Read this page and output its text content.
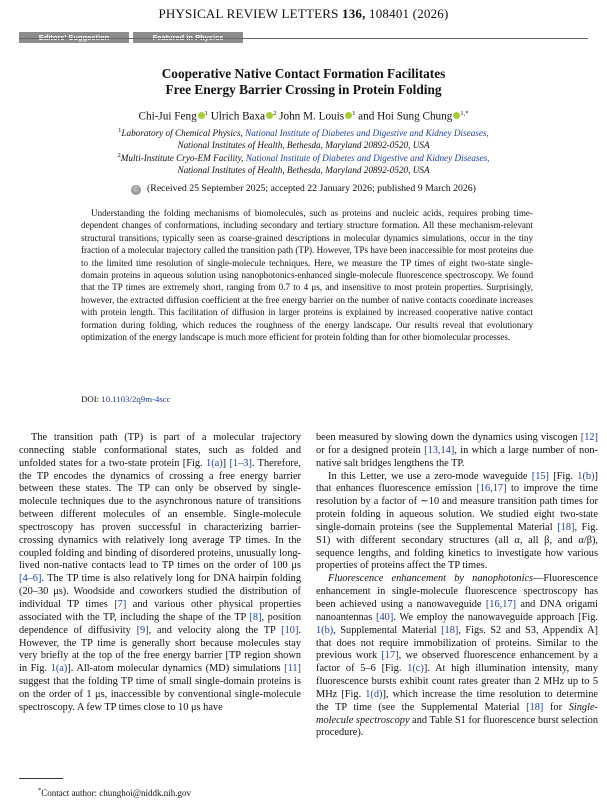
PHYSICAL REVIEW LETTERS 136, 108401 (2026)
Cooperative Native Contact Formation Facilitates
Free Energy Barrier Crossing in Protein Folding
Chi-Jui Feng $^1$ Ulrich Baxa $^2$ John M. Louis $^1$ and Hoi Sung Chung $^{1,*}$
$^1$Laboratory of Chemical Physics, National Institute of Diabetes and Digestive and Kidney Diseases,
National Institutes of Health, Bethesda, Maryland 20892-0520, USA
$^2$Multi-Institute Cryo-EM Facility, National Institute of Diabetes and Digestive and Kidney Diseases,
National Institutes of Health, Bethesda, Maryland 20892-0520, USA
© (Received 25 September 2025; accepted 22 January 2026; published 9 March 2026)
Understanding the folding mechanisms of biomolecules, such as proteins and nucleic acids, requires probing time-dependent changes of conformations, including secondary and tertiary structure formation. All these mechanism-relevant structural transitions, typically seen as coarse-grained descriptions in molecular dynamics simulations, occur in the tiny fraction of a molecular trajectory called the transition path (TP). However, TPs have been inaccessible for most proteins due to the limited time resolution of single-molecule techniques. Here, we measure the TP times of eight two-state single-domain proteins in aqueous solution using nanophotonics-enhanced single-molecule fluorescence spectroscopy. We found that the TP times are extremely short, ranging from 0.7 to 4 μs, and insensitive to most protein properties. Surprisingly, however, the extracted diffusion coefficient at the free energy barrier on the number of native contacts coordinate increases with protein length. This facilitation of diffusion in larger proteins is explained by increased cooperative native contact formation during folding, which reduces the roughness of the energy landscape. Our results reveal that evolutionary optimization of the energy landscape is much more efficient for protein folding than for other biomolecular processes.
DOI: 10.1103/2q9m-4scc

The transition path (TP) is part of a molecular trajectory connecting stable conformational states, such as folded and unfolded states for a two-state protein [Fig. 1(a)] [1–3]. Therefore, the TP encodes the dynamics of crossing a free energy barrier between these states. The TP can only be observed by single-molecule techniques due to the asynchronous nature of transitions between different molecules of an ensemble. Single-molecule spectroscopy has proven successful in characterizing barrier-crossing dynamics with relatively long average TP times. In the coupled folding and binding of disordered proteins, unusually long-lived non-native contacts lead to TP times on the order of 100 μs [4–6]. The TP time is also relatively long for DNA hairpin folding (20–30 μs). Woodside and coworkers studied the distribution of individual TP times [7] and various other physical properties associated with the TP, including the shape of the TP [8], position dependence of diffusivity [9], and velocity along the TP [10]. However, the TP time is generally short because molecules stay very briefly at the top of the free energy barrier [TP region shown in Fig. 1(a)]. All-atom molecular dynamics (MD) simulations [11] suggest that the folding TP time of small single-domain proteins is on the order of 1 μs, inaccessible by conventional single-molecule spectroscopy. A few TP times close to 10 μs have

been measured by slowing down the dynamics using viscogen [12] or for a designed protein [13,14], in which a large number of non-native salt bridges lengthens the TP.

In this Letter, we use a zero-mode waveguide [15] [Fig. 1(b)] that enhances fluorescence emission [16,17] to improve the time resolution by a factor of ∼10 and measure transition path times for protein folding in aqueous solution. We studied eight two-state single-domain proteins (see the Supplemental Material [18], Fig. S1) with different secondary structures (all α, all β, and α/β), sequence lengths, and folding kinetics to investigate how various properties of proteins affect the TP times.

Fluorescence enhancement by nanophotonics—Fluorescence enhancement in single-molecule fluorescence spectroscopy has been achieved using a nanowaveguide [16,17] and DNA origami nanoantennas [40]. We employ the nanowaveguide approach [Fig. 1(b), Supplemental Material [18], Figs. S2 and S3, Appendix A] that does not require immobilization of proteins. Similar to the previous work [17], we observed fluorescence enhancement by a factor of 5–6 [Fig. 1(c)]. At high illumination intensity, many fluorescence bursts exhibit count rates greater than 2 MHz up to 5 MHz [Fig. 1(d)], which increase the time resolution to determine the TP time (see the Supplemental Material [18] for Single-molecule spectroscopy and Table S1 for fluorescence burst selection procedure).

*Contact author: chunghoi@niddk.nih.gov
